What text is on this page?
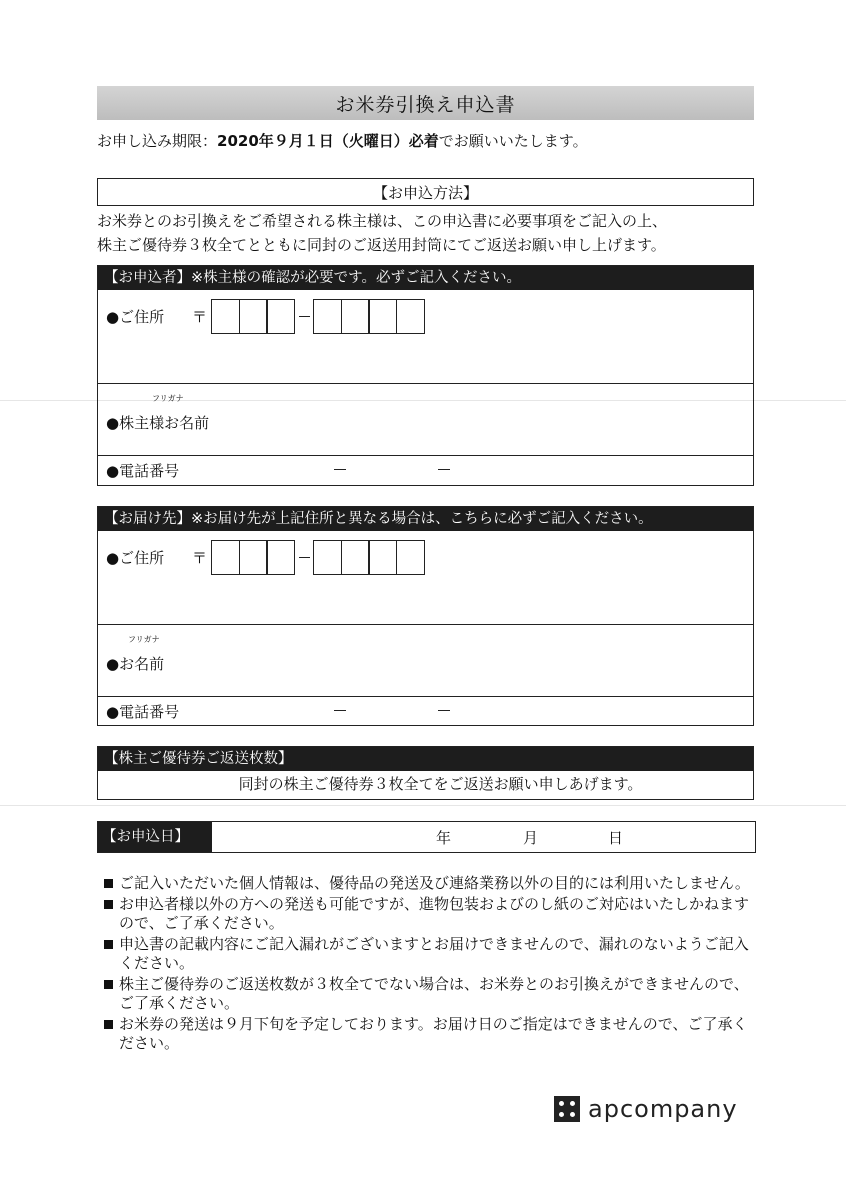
お米券引換え申込書
お申し込み期限：2020年９月１日（火曜日）必着でお願いいたします。
【お申込方法】
お米券とのお引換えをご希望される株主様は、この申込書に必要事項をご記入の上、
株主ご優待券３枚全てとともに同封のご返送用封筒にてご返送お願い申し上げます。
【お申込者】※株主様の確認が必要です。必ずご記入ください。
●ご住所 〒
フリガナ
●株主様お名前
●電話番号
【お届け先】※お届け先が上記住所と異なる場合は、こちらに必ずご記入ください。
●ご住所 〒
フリガナ
●お名前
●電話番号
【株主ご優待券ご返送枚数】
同封の株主ご優待券３枚全てをご返送お願い申しあげます。
【お申込日】	年	月	日
ご記入いただいた個人情報は、優待品の発送及び連絡業務以外の目的には利用いたしません。
お申込者様以外の方への発送も可能ですが、進物包装およびのし紙のご対応はいたしかねますので、ご了承ください。
申込書の記載内容にご記入漏れがございますとお届けできませんので、漏れのないようご記入ください。
株主ご優待券のご返送枚数が３枚全てでない場合は、お米券とのお引換えができませんので、ご了承ください。
お米券の発送は９月下旬を予定しております。お届け日のご指定はできませんので、ご了承ください。
apcompany
